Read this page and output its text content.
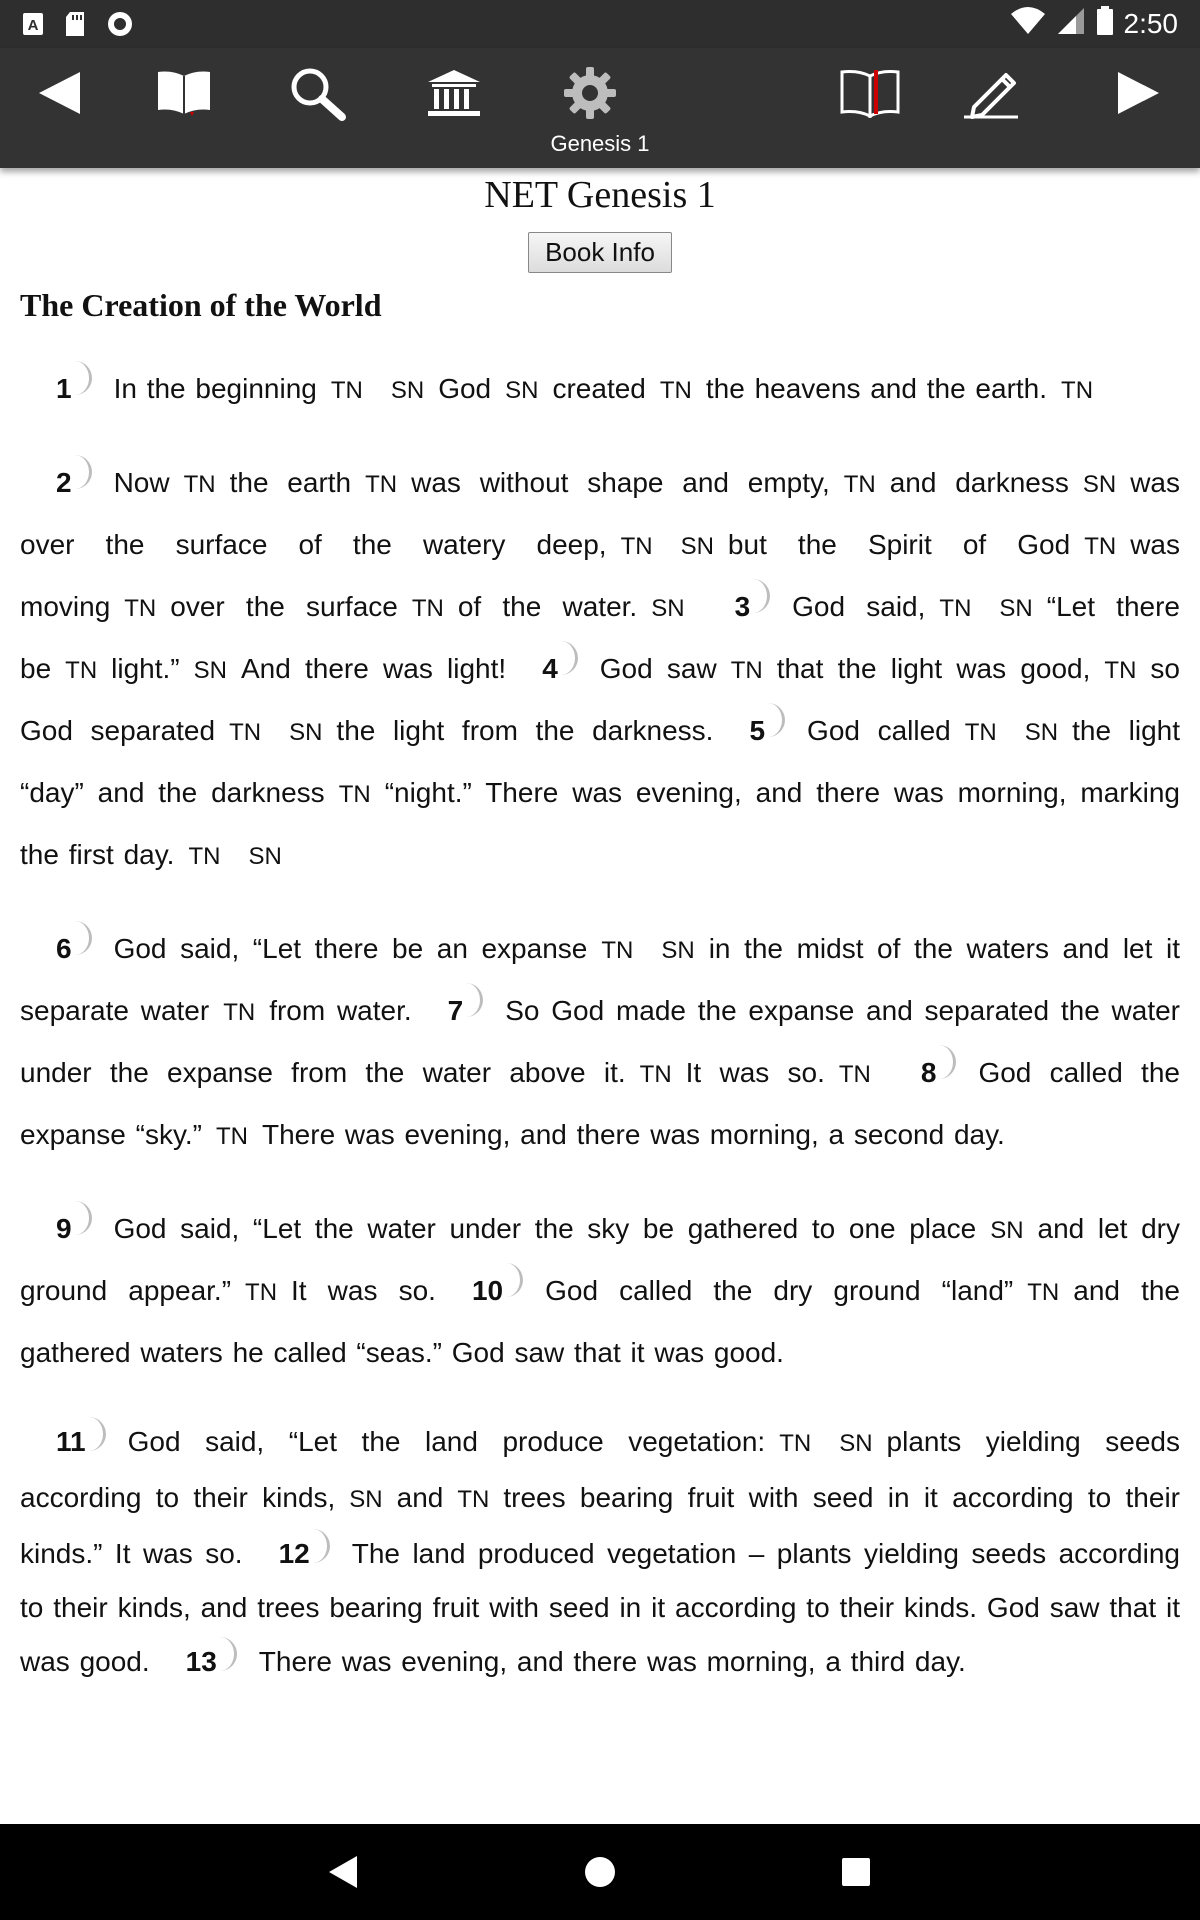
A	2:50
Genesis 1
NET Genesis 1
Book Info
The Creation of the World
1 In the beginning TN SN God SN created TN the heavens and the earth. TN
2 Now TN the earth TN was without shape and empty, TN and darkness SN was over the surface of the watery deep, TN SN but the Spirit of God TN was moving TN over the surface TN of the water. SN 3 God said, TN SN “Let there be TN light.” SN And there was light! 4 God saw TN that the light was good, TN so God separated TN SN the light from the darkness. 5 God called TN SN the light “day” and the darkness TN “night.” There was evening, and there was morning, marking the first day. TN SN
6 God said, “Let there be an expanse TN SN in the midst of the waters and let it separate water TN from water. 7 So God made the expanse and separated the water under the expanse from the water above it. TN It was so. TN 8 God called the expanse “sky.” TN There was evening, and there was morning, a second day.
9 God said, “Let the water under the sky be gathered to one place SN and let dry ground appear.” TN It was so. 10 God called the dry ground “land” TN and the gathered waters he called “seas.” God saw that it was good.
11 God said, “Let the land produce vegetation: TN SN plants yielding seeds according to their kinds, SN and TN trees bearing fruit with seed in it according to their kinds.” It was so. 12 The land produced vegetation – plants yielding seeds according to their kinds, and trees bearing fruit with seed in it according to their kinds. God saw that it was good. 13 There was evening, and there was morning, a third day.
